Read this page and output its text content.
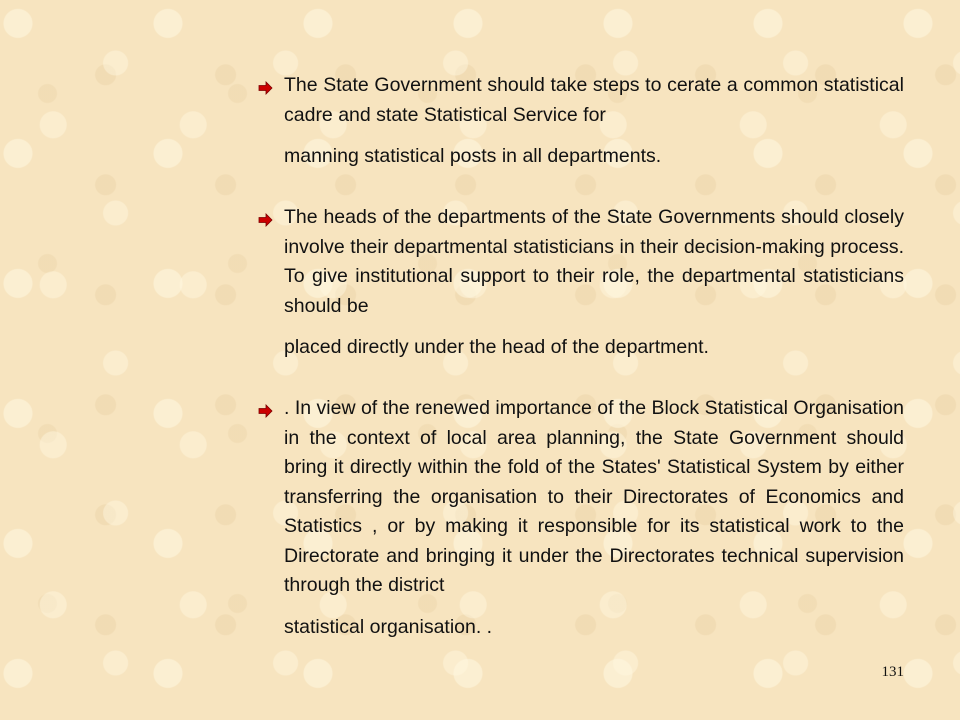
The State Government should take steps to cerate a common statistical cadre and state Statistical Service for
manning statistical posts in all departments.
The heads of the departments of the State Governments should closely involve their departmental statisticians in their decision-making process. To give institutional support to their role, the departmental statisticians should be
placed directly under the head of the department.
. In view of the renewed importance of the Block Statistical Organisation in the context of local area planning, the State Government should bring it directly within the fold of the States' Statistical System by either transferring the organisation to their Directorates of Economics and Statistics , or by making it responsible for its statistical work to the Directorate and bringing it under the Directorates technical supervision through the district
statistical organisation. .
131
